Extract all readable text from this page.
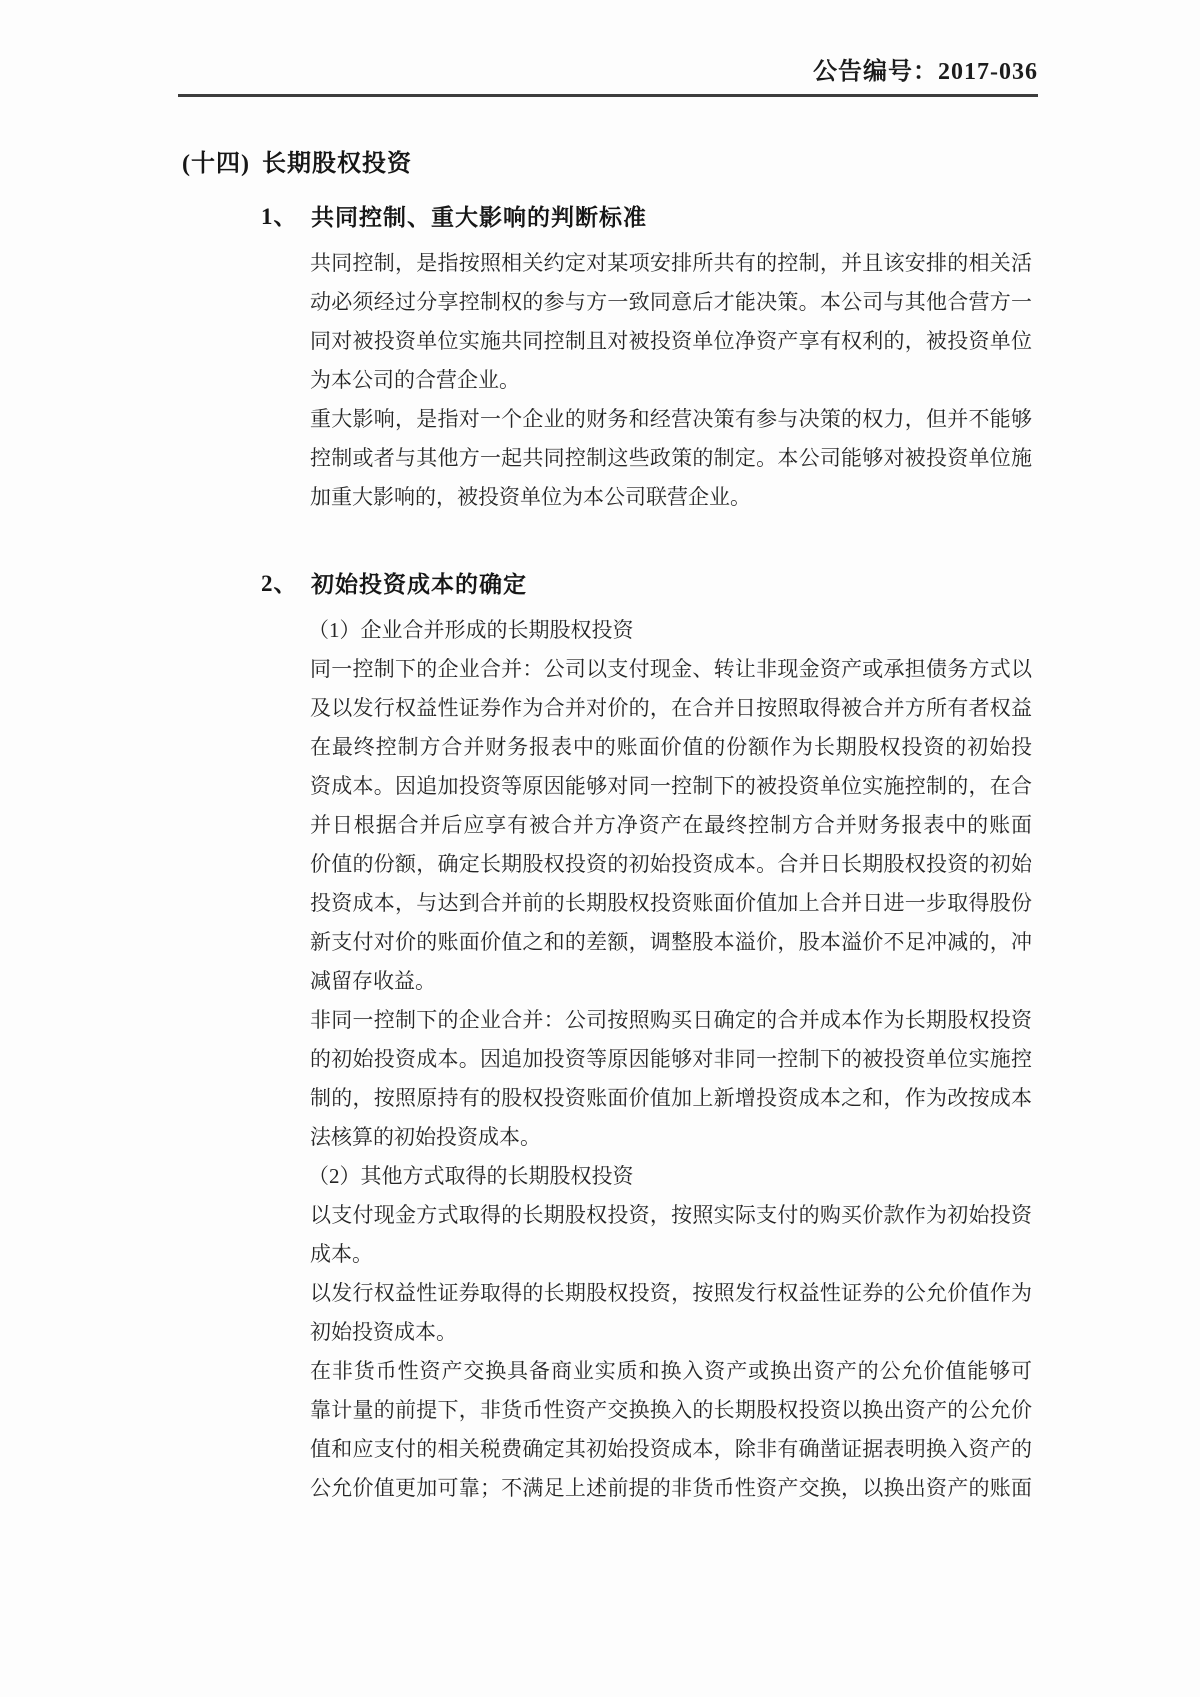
公告编号：2017-036
(十四) 长期股权投资
1、 共同控制、重大影响的判断标准
共同控制，是指按照相关约定对某项安排所共有的控制，并且该安排的相关活
动必须经过分享控制权的参与方一致同意后才能决策。本公司与其他合营方一
同对被投资单位实施共同控制且对被投资单位净资产享有权利的，被投资单位
为本公司的合营企业。
重大影响，是指对一个企业的财务和经营决策有参与决策的权力，但并不能够
控制或者与其他方一起共同控制这些政策的制定。本公司能够对被投资单位施
加重大影响的，被投资单位为本公司联营企业。
2、 初始投资成本的确定
（1）企业合并形成的长期股权投资
同一控制下的企业合并：公司以支付现金、转让非现金资产或承担债务方式以
及以发行权益性证券作为合并对价的，在合并日按照取得被合并方所有者权益
在最终控制方合并财务报表中的账面价值的份额作为长期股权投资的初始投
资成本。因追加投资等原因能够对同一控制下的被投资单位实施控制的，在合
并日根据合并后应享有被合并方净资产在最终控制方合并财务报表中的账面
价值的份额，确定长期股权投资的初始投资成本。合并日长期股权投资的初始
投资成本，与达到合并前的长期股权投资账面价值加上合并日进一步取得股份
新支付对价的账面价值之和的差额，调整股本溢价，股本溢价不足冲减的，冲
减留存收益。
非同一控制下的企业合并：公司按照购买日确定的合并成本作为长期股权投资
的初始投资成本。因追加投资等原因能够对非同一控制下的被投资单位实施控
制的，按照原持有的股权投资账面价值加上新增投资成本之和，作为改按成本
法核算的初始投资成本。
（2）其他方式取得的长期股权投资
以支付现金方式取得的长期股权投资，按照实际支付的购买价款作为初始投资
成本。
以发行权益性证券取得的长期股权投资，按照发行权益性证券的公允价值作为
初始投资成本。
在非货币性资产交换具备商业实质和换入资产或换出资产的公允价值能够可
靠计量的前提下，非货币性资产交换换入的长期股权投资以换出资产的公允价
值和应支付的相关税费确定其初始投资成本，除非有确凿证据表明换入资产的
公允价值更加可靠；不满足上述前提的非货币性资产交换，以换出资产的账面
